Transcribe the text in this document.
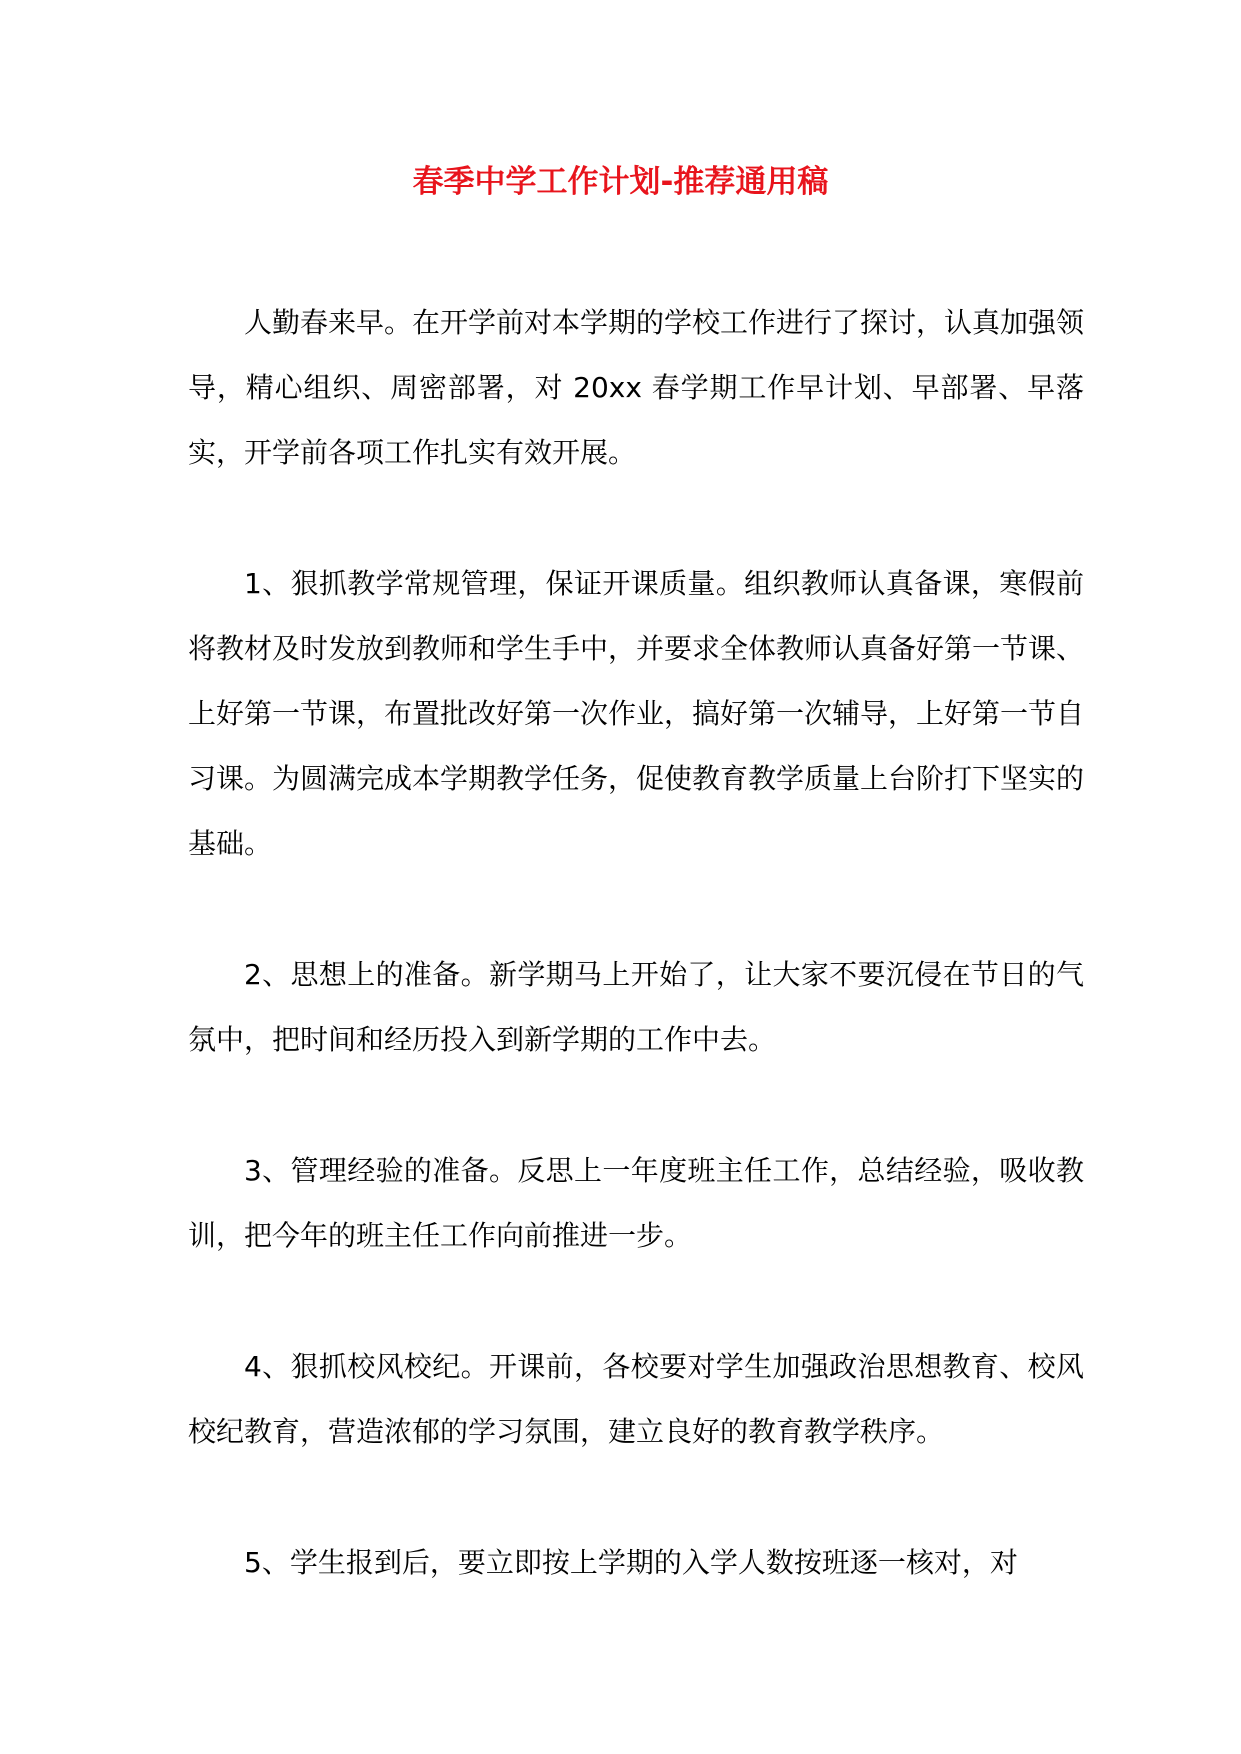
春季中学工作计划-推荐通用稿

人勤春来早。在开学前对本学期的学校工作进行了探讨，认真加强领导，精心组织、周密部署，对 20xx 春学期工作早计划、早部署、早落实，开学前各项工作扎实有效开展。

1、狠抓教学常规管理，保证开课质量。组织教师认真备课，寒假前将教材及时发放到教师和学生手中，并要求全体教师认真备好第一节课、上好第一节课，布置批改好第一次作业，搞好第一次辅导，上好第一节自习课。为圆满完成本学期教学任务，促使教育教学质量上台阶打下坚实的基础。

2、思想上的准备。新学期马上开始了，让大家不要沉侵在节日的气氛中，把时间和经历投入到新学期的工作中去。

3、管理经验的准备。反思上一年度班主任工作，总结经验，吸收教训，把今年的班主任工作向前推进一步。

4、狠抓校风校纪。开课前，各校要对学生加强政治思想教育、校风校纪教育，营造浓郁的学习氛围，建立良好的教育教学秩序。

5、学生报到后，要立即按上学期的入学人数按班逐一核对，对
